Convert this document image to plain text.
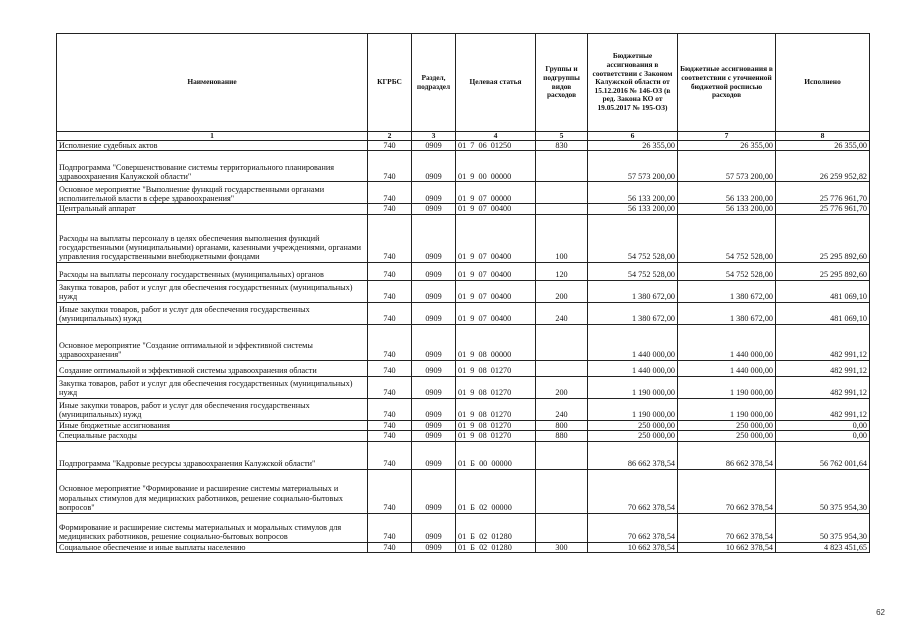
Наименование	КГРБС	Раздел, подраздел	Целевая статья	Группы и подгруппы видов расходов	Бюджетные ассигнования в соответствии с Законом Калужской области от 15.12.2016 № 146-ОЗ (в ред. Закона КО от 19.05.2017 № 195-ОЗ)	Бюджетные ассигнования в соответствии с уточненной бюджетной росписью расходов	Исполнено
1	2	3	4	5	6	7	8
Исполнение судебных актов	740	0909	01  7  06  01250	830	26 355,00	26 355,00	26 355,00
Подпрограмма "Совершенствование системы территориального планирования здравоохранения Калужской области"	740	0909	01  9  00  00000		57 573 200,00	57 573 200,00	26 259 952,82
Основное мероприятие "Выполнение функций государственными органами исполнительной власти в сфере здравоохранения"	740	0909	01  9  07  00000		56 133 200,00	56 133 200,00	25 776 961,70
Центральный аппарат	740	0909	01  9  07  00400		56 133 200,00	56 133 200,00	25 776 961,70
Расходы на выплаты персоналу в целях обеспечения выполнения функций государственными (муниципальными) органами, казенными учреждениями, органами управления государственными внебюджетными фондами	740	0909	01  9  07  00400	100	54 752 528,00	54 752 528,00	25 295 892,60
Расходы на выплаты персоналу государственных (муниципальных) органов	740	0909	01  9  07  00400	120	54 752 528,00	54 752 528,00	25 295 892,60
Закупка товаров, работ и услуг для обеспечения государственных (муниципальных) нужд	740	0909	01  9  07  00400	200	1 380 672,00	1 380 672,00	481 069,10
Иные закупки товаров, работ и услуг для обеспечения государственных (муниципальных) нужд	740	0909	01  9  07  00400	240	1 380 672,00	1 380 672,00	481 069,10
Основное мероприятие "Создание оптимальной и эффективной системы здравоохранения"	740	0909	01  9  08  00000		1 440 000,00	1 440 000,00	482 991,12
Создание оптимальной и эффективной системы здравоохранения области	740	0909	01  9  08  01270		1 440 000,00	1 440 000,00	482 991,12
Закупка товаров, работ и услуг для обеспечения государственных (муниципальных) нужд	740	0909	01  9  08  01270	200	1 190 000,00	1 190 000,00	482 991,12
Иные закупки товаров, работ и услуг для обеспечения государственных (муниципальных) нужд	740	0909	01  9  08  01270	240	1 190 000,00	1 190 000,00	482 991,12
Иные бюджетные ассигнования	740	0909	01  9  08  01270	800	250 000,00	250 000,00	0,00
Специальные расходы	740	0909	01  9  08  01270	880	250 000,00	250 000,00	0,00
Подпрограмма "Кадровые ресурсы здравоохранения Калужской области"	740	0909	01  Б  00  00000		86 662 378,54	86 662 378,54	56 762 001,64
Основное мероприятие "Формирование и расширение системы материальных и моральных стимулов для медицинских работников, решение социально-бытовых вопросов"	740	0909	01  Б  02  00000		70 662 378,54	70 662 378,54	50 375 954,30
Формирование и расширение системы материальных и моральных стимулов для медицинских работников, решение социально-бытовых вопросов	740	0909	01  Б  02  01280		70 662 378,54	70 662 378,54	50 375 954,30
Социальное обеспечение и иные выплаты населению	740	0909	01  Б  02  01280	300	10 662 378,54	10 662 378,54	4 823 451,65
62
